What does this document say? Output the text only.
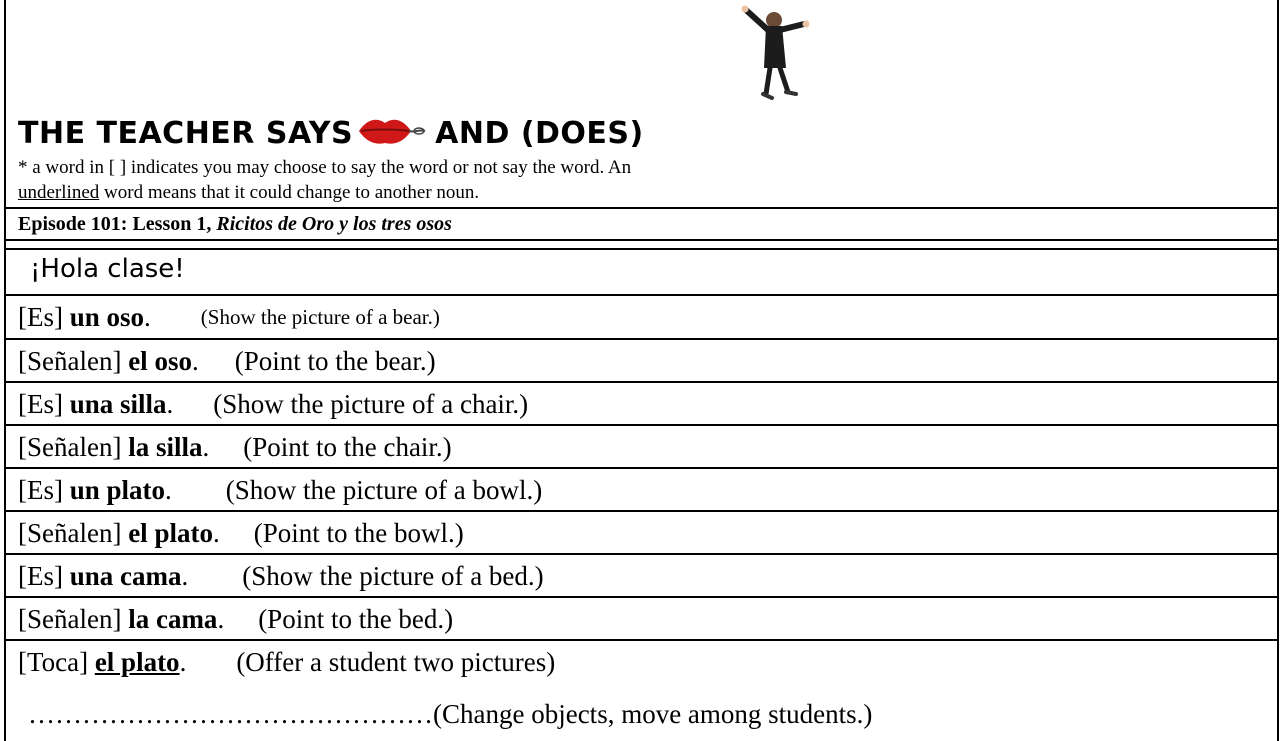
THE TEACHER SAYS	AND (DOES)
* a word in [ ] indicates you may choose to say the word or not say the word. An
underlined word means that it could change to another noun.
Episode 101: Lesson 1, Ricitos de Oro y los tres osos
¡Hola clase!
[Es]
un oso . (Show the picture of a bear.)
[Señalen]
el oso . (Point to the bear.)
[Es]
una silla . (Show the picture of a chair.)
[Señalen]
la silla . (Point to the chair.)
[Es]
un plato . (Show the picture of a bowl.)
[Señalen]
el plato . (Point to the bowl.)
[Es]
una cama . (Show the picture of a bed.)
[Señalen]
la cama . (Point to the bed.)
[Toca]
el plato . (Offer a student two pictures)
………………………………………(Change objects, move among students.)
